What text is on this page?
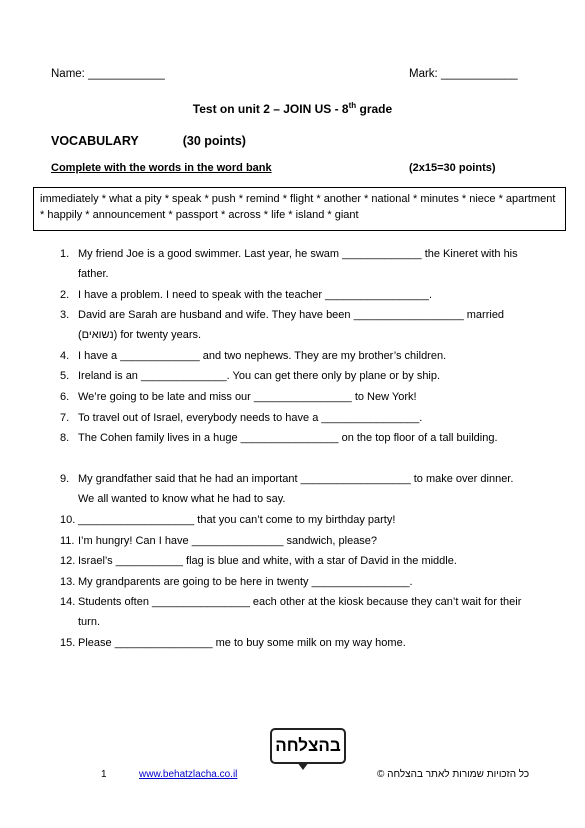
Name: ____________	Mark: ____________
Test on unit 2 – JOIN US - 8th grade
VOCABULARY	(30 points)
Complete with the words in the word bank	(2x15=30 points)
immediately * what a pity * speak * push * remind * flight * another * national * minutes * niece * apartment * happily * announcement * passport * across * life * island * giant
1. My friend Joe is a good swimmer. Last year, he swam _____________ the Kineret with his father.
2. I have a problem. I need to speak with the teacher _________________.
3. David are Sarah are husband and wife. They have been __________________ married (נשואים) for twenty years.
4. I have a _____________ and two nephews. They are my brother’s children.
5. Ireland is an ______________. You can get there only by plane or by ship.
6. We’re going to be late and miss our ________________ to New York!
7. To travel out of Israel, everybody needs to have a ________________.
8. The Cohen family lives in a huge ________________ on the top floor of a tall building.
9. My grandfather said that he had an important __________________ to make over dinner. We all wanted to know what he had to say.
10. ___________________ that you can’t come to my birthday party!
11. I’m hungry! Can I have _______________ sandwich, please?
12. Israel’s ___________ flag is blue and white, with a star of David in the middle.
13. My grandparents are going to be here in twenty ________________.
14. Students often ________________ each other at the kiosk because they can’t wait for their turn.
15. Please ________________ me to buy some milk on my way home.
בהצלחה
1	www.behatzlacha.co.il	כל הזכויות שמורות לאתר בהצלחה ©
